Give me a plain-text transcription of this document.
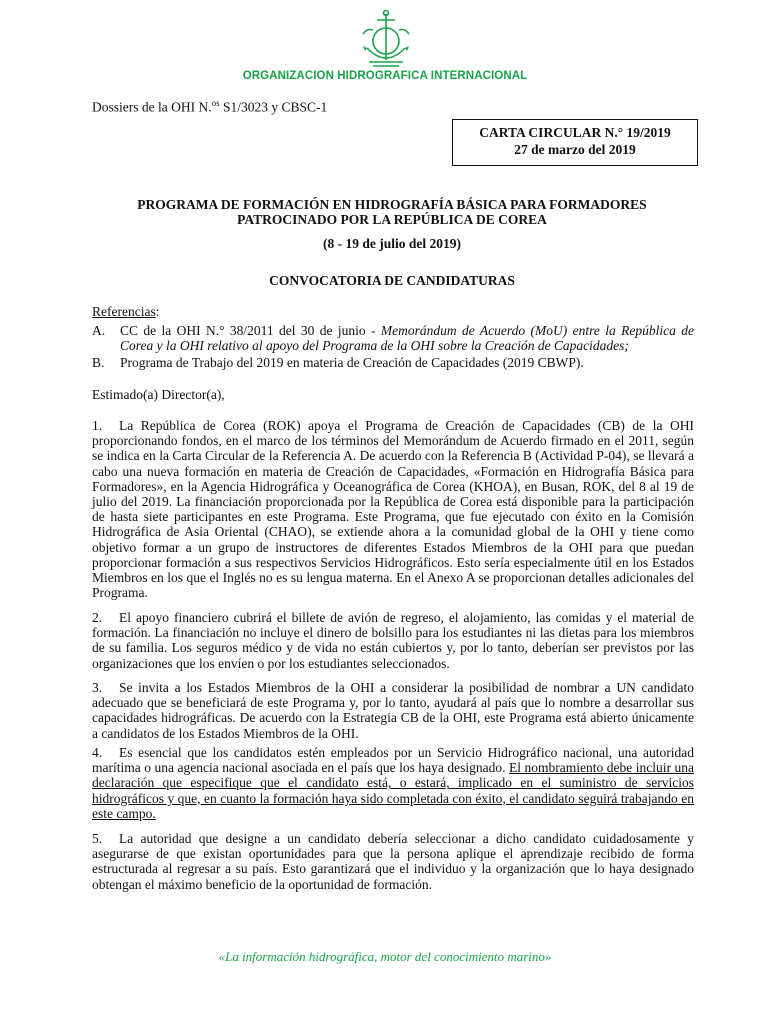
ORGANIZACION HIDROGRAFICA INTERNACIONAL
Dossiers de la OHI N.$^{os}$ S1/3023 y CBSC-1
CARTA CIRCULAR N.° 19/2019
27 de marzo del 2019
PROGRAMA DE FORMACIÓN EN HIDROGRAFÍA BÁSICA PARA FORMADORES
PATROCINADO POR LA REPÚBLICA DE COREA
(8 - 19 de julio del 2019)
CONVOCATORIA DE CANDIDATURAS
Referencias:
A. CC de la OHI N.° 38/2011 del 30 de junio - Memorándum de Acuerdo (MoU) entre la República de Corea y la OHI relativo al apoyo del Programa de la OHI sobre la Creación de Capacidades;
B. Programa de Trabajo del 2019 en materia de Creación de Capacidades (2019 CBWP).
Estimado(a) Director(a),
1. La República de Corea (ROK) apoya el Programa de Creación de Capacidades (CB) de la OHI proporcionando fondos, en el marco de los términos del Memorándum de Acuerdo firmado en el 2011, según se indica en la Carta Circular de la Referencia A. De acuerdo con la Referencia B (Actividad P-04), se llevará a cabo una nueva formación en materia de Creación de Capacidades, «Formación en Hidrografía Básica para Formadores», en la Agencia Hidrográfica y Oceanográfica de Corea (KHOA), en Busan, ROK, del 8 al 19 de julio del 2019. La financiación proporcionada por la República de Corea está disponible para la participación de hasta siete participantes en este Programa. Este Programa, que fue ejecutado con éxito en la Comisión Hidrográfica de Asia Oriental (CHAO), se extiende ahora a la comunidad global de la OHI y tiene como objetivo formar a un grupo de instructores de diferentes Estados Miembros de la OHI para que puedan proporcionar formación a sus respectivos Servicios Hidrográficos. Esto sería especialmente útil en los Estados Miembros en los que el Inglés no es su lengua materna. En el Anexo A se proporcionan detalles adicionales del Programa.
2. El apoyo financiero cubrirá el billete de avión de regreso, el alojamiento, las comidas y el material de formación. La financiación no incluye el dinero de bolsillo para los estudiantes ni las dietas para los miembros de su familia. Los seguros médico y de vida no están cubiertos y, por lo tanto, deberían ser previstos por las organizaciones que los envíen o por los estudiantes seleccionados.
3. Se invita a los Estados Miembros de la OHI a considerar la posibilidad de nombrar a UN candidato adecuado que se beneficiará de este Programa y, por lo tanto, ayudará al país que lo nombre a desarrollar sus capacidades hidrográficas. De acuerdo con la Estrategia CB de la OHI, este Programa está abierto únicamente a candidatos de los Estados Miembros de la OHI.
4. Es esencial que los candidatos estén empleados por un Servicio Hidrográfico nacional, una autoridad marítima o una agencia nacional asociada en el país que los haya designado. El nombramiento debe incluir una declaración que especifique que el candidato está, o estará, implicado en el suministro de servicios hidrográficos y que, en cuanto la formación haya sido completada con éxito, el candidato seguirá trabajando en este campo.
5. La autoridad que designe a un candidato debería seleccionar a dicho candidato cuidadosamente y asegurarse de que existan oportunidades para que la persona aplique el aprendizaje recibido de forma estructurada al regresar a su país. Esto garantizará que el individuo y la organización que lo haya designado obtengan el máximo beneficio de la oportunidad de formación.
«La información hidrográfica, motor del conocimiento marino»
